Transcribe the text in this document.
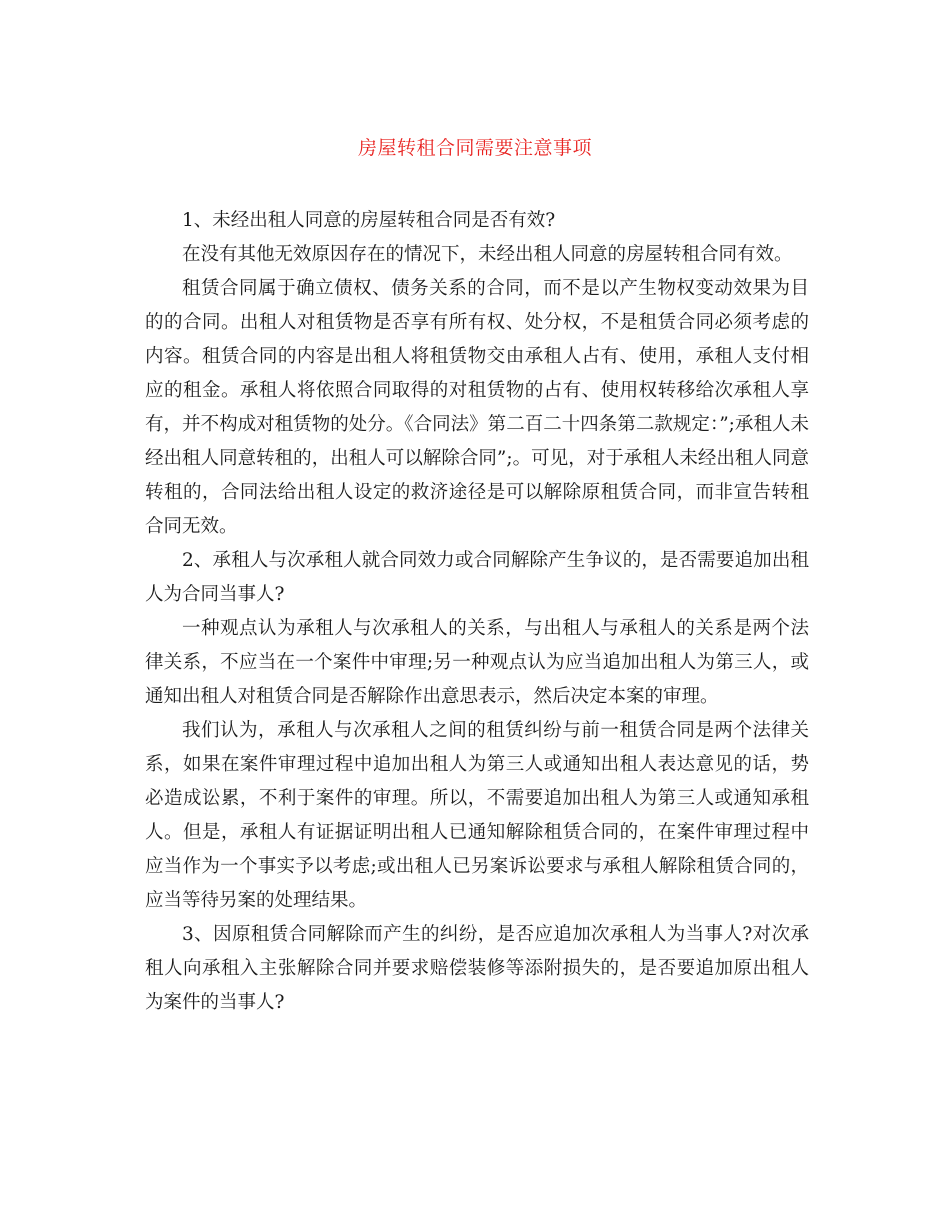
房屋转租合同需要注意事项

1、未经出租人同意的房屋转租合同是否有效?

在没有其他无效原因存在的情况下，未经出租人同意的房屋转租合同有效。

租赁合同属于确立债权、债务关系的合同，而不是以产生物权变动效果为目的的合同。出租人对租赁物是否享有所有权、处分权，不是租赁合同必须考虑的内容。租赁合同的内容是出租人将租赁物交由承租人占有、使用，承租人支付相应的租金。承租人将依照合同取得的对租赁物的占有、使用权转移给次承租人享有，并不构成对租赁物的处分。《合同法》第二百二十四条第二款规定：”;承租人未经出租人同意转租的，出租人可以解除合同”;。可见，对于承租人未经出租人同意转租的，合同法给出租人设定的救济途径是可以解除原租赁合同，而非宣告转租合同无效。

2、承租人与次承租人就合同效力或合同解除产生争议的，是否需要追加出租人为合同当事人?

一种观点认为承租人与次承租人的关系，与出租人与承租人的关系是两个法律关系，不应当在一个案件中审理;另一种观点认为应当追加出租人为第三人，或通知出租人对租赁合同是否解除作出意思表示，然后决定本案的审理。

我们认为，承租人与次承租人之间的租赁纠纷与前一租赁合同是两个法律关系，如果在案件审理过程中追加出租人为第三人或通知出租人表达意见的话，势必造成讼累，不利于案件的审理。所以，不需要追加出租人为第三人或通知承租人。但是，承租人有证据证明出租人已通知解除租赁合同的，在案件审理过程中应当作为一个事实予以考虑;或出租人已另案诉讼要求与承租人解除租赁合同的，应当等待另案的处理结果。

3、因原租赁合同解除而产生的纠纷，是否应追加次承租人为当事人?对次承租人向承租入主张解除合同并要求赔偿装修等添附损失的，是否要追加原出租人为案件的当事人?
